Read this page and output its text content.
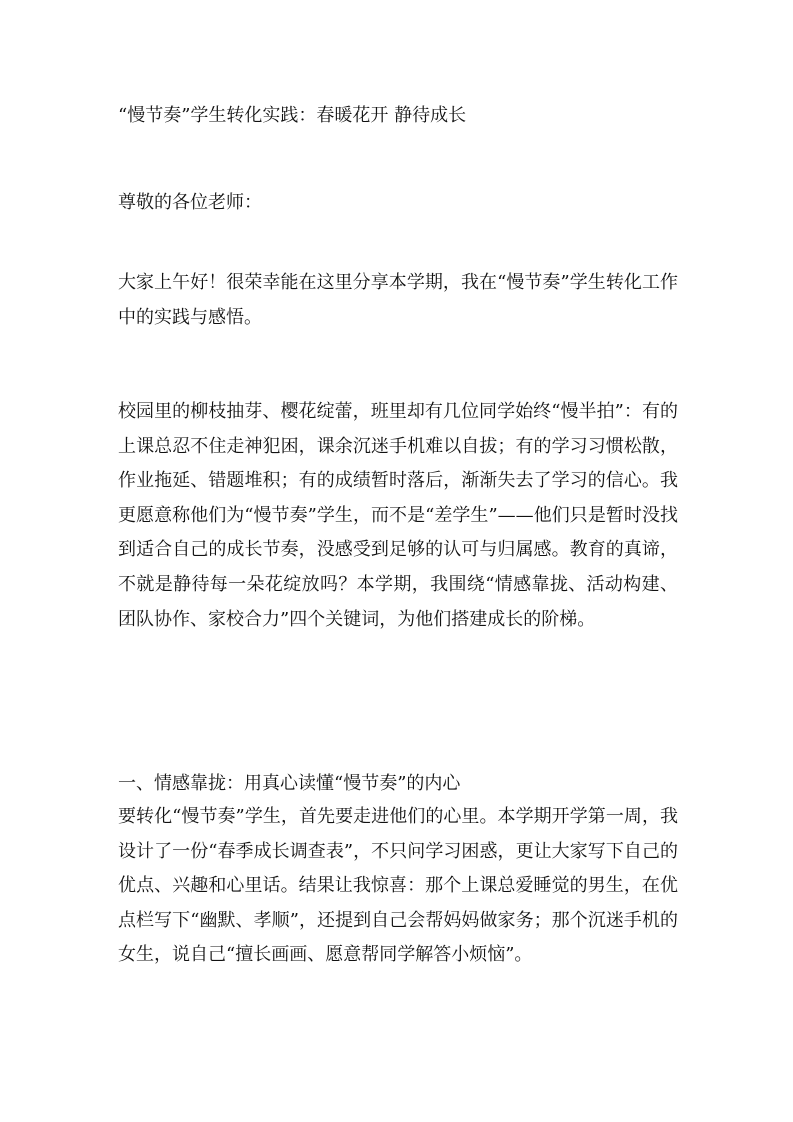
“慢节奏”学生转化实践：春暖花开 静待成长
尊敬的各位老师：

大家上午好！很荣幸能在这里分享本学期，我在“慢节奏”学生转化工作中的实践与感悟。

校园里的柳枝抽芽、樱花绽蕾，班里却有几位同学始终“慢半拍”：有的上课总忍不住走神犯困，课余沉迷手机难以自拔；有的学习习惯松散，作业拖延、错题堆积；有的成绩暂时落后，渐渐失去了学习的信心。我更愿意称他们为“慢节奏”学生，而不是“差学生”——他们只是暂时没找到适合自己的成长节奏，没感受到足够的认可与归属感。教育的真谛，不就是静待每一朵花绽放吗？本学期，我围绕“情感靠拢、活动构建、团队协作、家校合力”四个关键词，为他们搭建成长的阶梯。

一、情感靠拢：用真心读懂“慢节奏”的内心

要转化“慢节奏”学生，首先要走进他们的心里。本学期开学第一周，我设计了一份“春季成长调查表”，不只问学习困惑，更让大家写下自己的优点、兴趣和心里话。结果让我惊喜：那个上课总爱睡觉的男生，在优点栏写下“幽默、孝顺”，还提到自己会帮妈妈做家务；那个沉迷手机的女生，说自己“擅长画画、愿意帮同学解答小烦恼”。
